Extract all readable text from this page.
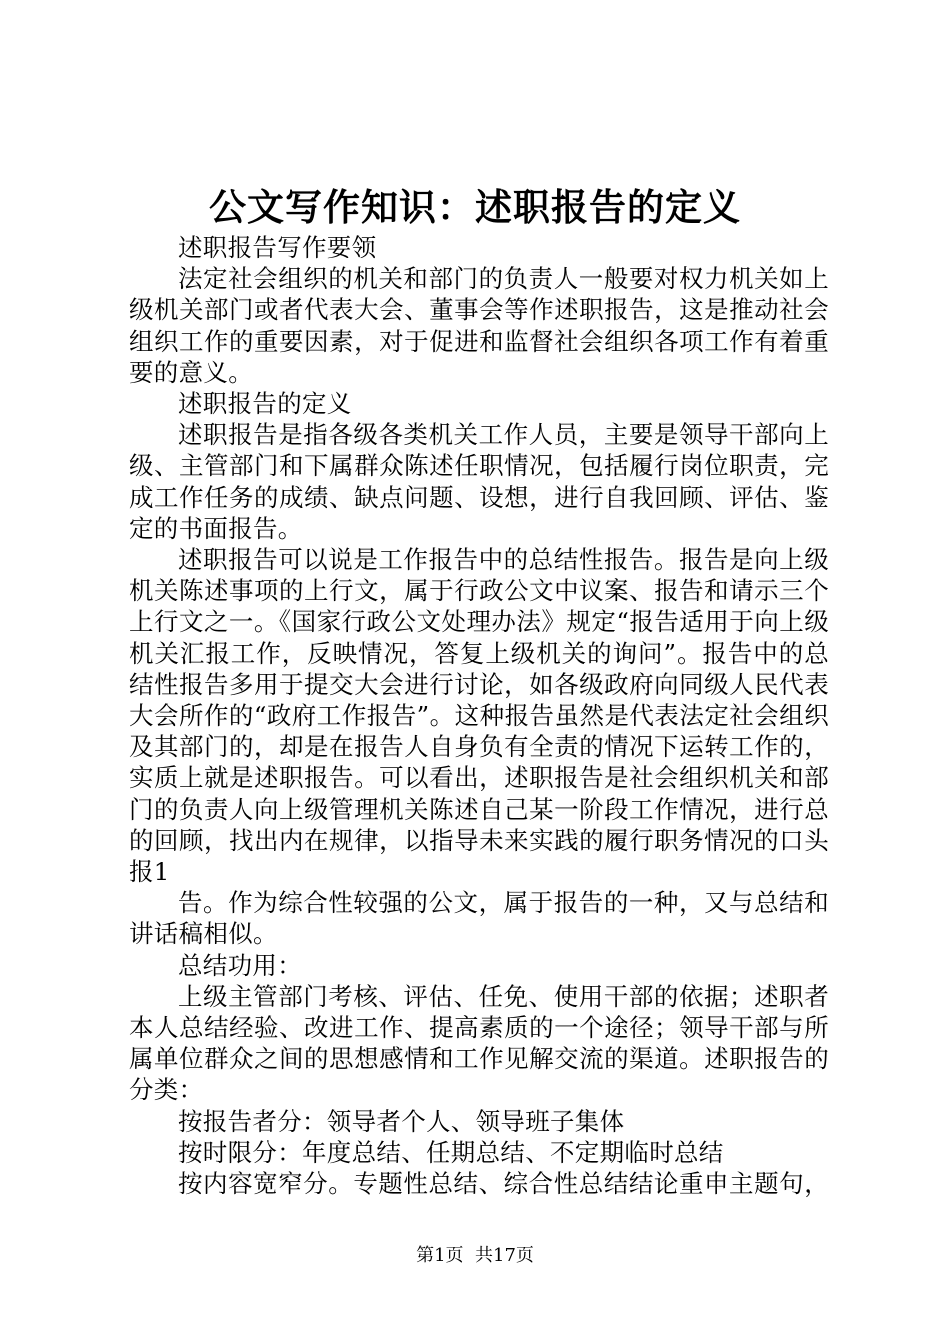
公文写作知识：述职报告的定义

述职报告写作要领

法定社会组织的机关和部门的负责人一般要对权力机关如上级机关部门或者代表大会、董事会等作述职报告，这是推动社会组织工作的重要因素，对于促进和监督社会组织各项工作有着重要的意义。

述职报告的定义

述职报告是指各级各类机关工作人员，主要是领导干部向上级、主管部门和下属群众陈述任职情况，包括履行岗位职责，完成工作任务的成绩、缺点问题、设想，进行自我回顾、评估、鉴定的书面报告。

述职报告可以说是工作报告中的总结性报告。报告是向上级机关陈述事项的上行文，属于行政公文中议案、报告和请示三个上行文之一。《国家行政公文处理办法》规定“报告适用于向上级机关汇报工作，反映情况，答复上级机关的询问”。报告中的总结性报告多用于提交大会进行讨论，如各级政府向同级人民代表大会所作的“政府工作报告”。这种报告虽然是代表法定社会组织及其部门的，却是在报告人自身负有全责的情况下运转工作的，实质上就是述职报告。可以看出，述职报告是社会组织机关和部门的负责人向上级管理机关陈述自己某一阶段工作情况，进行总的回顾，找出内在规律，以指导未来实践的履行职务情况的口头报1

告。作为综合性较强的公文，属于报告的一种，又与总结和讲话稿相似。

总结功用：

上级主管部门考核、评估、任免、使用干部的依据；述职者本人总结经验、改进工作、提高素质的一个途径；领导干部与所属单位群众之间的思想感情和工作见解交流的渠道。述职报告的分类：

按报告者分：领导者个人、领导班子集体

按时限分：年度总结、任期总结、不定期临时总结

按内容宽窄分。专题性总结、综合性总结结论重申主题句，

第1页  共17页
